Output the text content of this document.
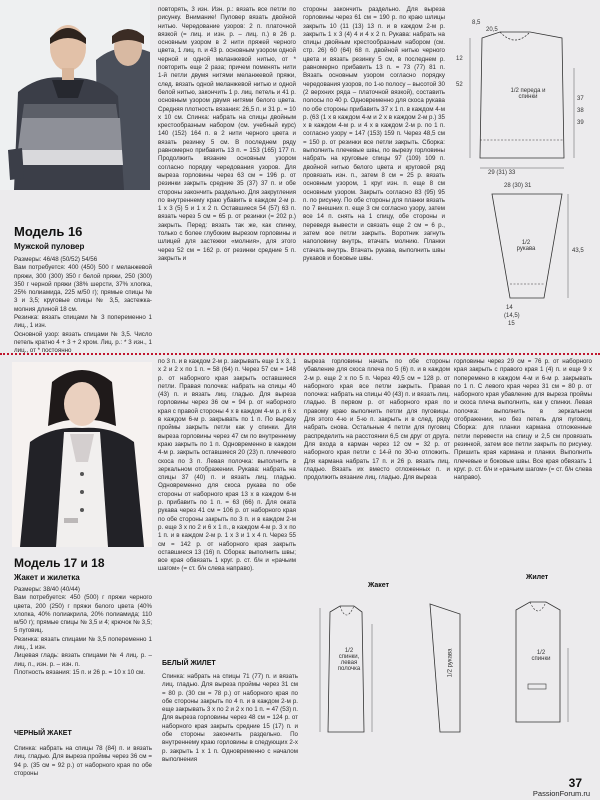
Модель 16
Мужской пуловер

Размеры: 46/48 (50/52) 54/56

Вам потребуется: 400 (450) 500 г меланжевой пряжи, 300 (300) 350 г белой пряжи, 250 (300) 350 г черной пряжи (38% шерсти, 37% хлопка, 25% полиамида, 225 м/50 г); прямые спицы № 3 и 3,5; круговые спицы № 3,5, застежка-молния длиной 18 см.

Резинка: вязать спицами № 3 попеременно 1 лиц., 1 изн.

Основной узор: вязать спицами № 3,5. Число петель кратно 4 + 3 + 2 кром. Лиц. р.: * 3 изн., 1 лиц., от * постоянно

повторять, 3 изн. Изн. р.: вязать все петли по рисунку. Внимание! Пуловер вязать двойной нитью. Чередование узоров: 2 п. платочной вязкой (= лиц. и изн. р. – лиц. п.) в 26 р. основным узором в 2 нити пряжей черного цвета, 1 лиц. п. и 43 р. основным узором одной черной и одной меланжевой нитью, от * повторить еще 2 раза; причем поменять нити 1-й петли двумя нитями меланжевой пряжи, след. вязать одной меланжевой нитью и одной белой нитью, закончить 1 р. лиц. петель и 41 р. основным узором двумя нитями белого цвета. Средняя плотность вязания: 26,5 п. и 31 р. = 10 х 10 см. Спинка: набрать на спицы двойным крестообразным набором (см. учебный курс) 140 (152) 164 п. в 2 нити черного цвета и вязать резинку 5 см. В последнем ряду равномерно прибавить 13 п. = 153 (165) 177 п. Продолжить вязание основным узором согласно порядку чередования узоров. Для выреза горловины через 63 см = 196 р. от резинки закрыть средние 35 (37) 37 п. и обе стороны закончить раздельно. Для закругления по внутреннему краю убавить в каждом 2-м р. 1 х 3 (5) 5 и 1 х 2 п. Оставшиеся 54 (57) 63 п. вязать через 5 см = 65 р. от резинки (= 202 р.) закрыть. Перед: вязать так же, как спинку, только с более глубоким вырезом горловины и шлицей для застежки «молния», для этого через 52 см = 162 р. от резинки средние 5 п. закрыть и
стороны закончить раздельно. Для выреза горловины через 61 см = 190 р. по краю шлицы закрыть 10 (11 (13) 13 п. и в каждом 2-м р. закрыть 1 х 3 (4) 4 и 4 х 2 п. Рукава: набрать на спицы двойным крестообразным набором (см. стр. 26) 60 (64) 68 п. двойной нитью черного цвета и вязать резинку 5 см, в последнем р. равномерно прибавить 13 п. = 73 (77) 81 п. Вязать основным узором согласно порядку чередования узоров, по 1-ю полосу – высотой 30 (2 верхних ряда – платочной вязкой), составить полосы по 40 р. Одновременно для скоса рукава по обе стороны прибавить 37 х 1 п. в каждом 4-м р. (63 (1 х в каждом 4-м и 2 х в каждом 2-м р.) 35 х в каждом 4-м р. и 4 х в каждом 2-м р. по 1 п. согласно узору = 147 (153) 159 п. Через 48,5 см = 150 р. от резинки все петли закрыть. Сборка: выполнить плечевые швы, по вырезу горловины набрать на круговые спицы 97 (109) 109 п. двойной нитью белого цвета и круговой ряд провязать изн. п., затем 8 см = 25 р. вязать основным узором, 1 круг изн. п. еще 8 см основным узором. Закрыть согласно 83 (95) 95 п. по рисунку. По обе стороны для планки вязать по 7 внешних п. еще 3 см согласно узору, затем все 14 п. снять на 1 спицу, обе стороны и переведя вывести и связать еще 2 см = 6 р., затем все петли закрыть. Воротник загнуть наполовину внутрь, втачать молнию. Планки стачать внутрь. Втачать рукава, выполнить швы рукавов и боковые швы.
8,5
20,5
12
52
37
38
39
29 (31) 33
1/2 переда и спинки
28 (30) 31
43,5
1/2 рукава
14
(14,5)
15
Модель 17 и 18
Жакет и жилетка

Размеры: 38/40 (40/44)

Вам потребуется: 450 (500) г пряжи черного цвета, 200 (250) г пряжи белого цвета (40% хлопка, 40% полиакрила, 20% полиамида; 110 м/50 г); прямые спицы № 3,5 и 4; крючок № 3,5; 5 пуговиц.

Резинка: вязать спицами № 3,5 попеременно 1 лиц., 1 изн.

Лицевая гладь: вязать спицами № 4 лиц. р. – лиц. п., изн. р. – изн. п.

Плотность вязания: 15 п. и 26 р. = 10 х 10 см.

ЧЕРНЫЙ ЖАКЕТ
Спинка: набрать на спицы 78 (84) п. и вязать лиц. гладью. Для выреза проймы через 36 см = 94 р. (35 см = 92 р.) от наборного края по обе стороны
по 3 п. и в каждом 2-м р. закрывать еще 1 х 3, 1 х 2 и 2 х по 1 п. = 58 (64) п. Через 57 см = 148 р. от наборного края закрыть оставшиеся петли. Правая полочка: набрать на спицы 40 (43) п. и вязать лиц. гладью. Для выреза горловины через 36 см = 94 р. от наборного края с правой стороны 4 х в каждом 4-м р. и 6 х в каждом 6-м р. закрывать по 1 п. По вырезу проймы закрыть петли как у спинки. Для выреза горловины через 47 см по внутреннему краю закрыть по 1 п. Одновременно в каждом 4-м р. закрыть оставшиеся 20 (23) п. плечевого скоса по 3 п. Левая полочка: выполнить в зеркальном отображении. Рукава: набрать на спицы 37 (40) п. и вязать лиц. гладью. Одновременно для скоса рукава по обе стороны от наборного края 13 х в каждом 6-м р. прибавить по 1 п. = 63 (66) п. Для оката рукава через 41 см = 106 р. от наборного края по обе стороны закрыть по 3 п. и в каждом 2-м р. еще 3 х по 2 и 6 х 1 п., в каждом 4-м р. 3 х по 1 п. и в каждом 2-м р. 1 х 3 и 1 х 4 п. Через 55 см = 142 р. от наборного края закрыть оставшиеся 13 (16) п. Сборка: выполнить швы; все края обвязать 1 круг. р. ст. б/н и «рачьим шагом» (= ст. б/н слева направо).
БЕЛЫЙ ЖИЛЕТ
Спинка: набрать на спицы 71 (77) п. и вязать лиц. гладью. Для выреза проймы через 31 см = 80 р. (30 см = 78 р.) от наборного края по обе стороны закрыть по 4 п. и в каждом 2-м р. еще закрывать 3 х по 2 и 2 х по 1 п. = 47 (53) п. Для выреза горловины через 48 см = 124 р. от наборного края закрыть средние 15 (17) п. и обе стороны закончить раздельно. По внутреннему краю горловины в следующих 2-х р. закрыть 1 х 1 п. Одновременно с началом выполнения
выреза горловины начать по обе стороны убавление для скоса плеча по 5 (6) п. и в каждом 2-м р. еще 2 х по 5 п. Через 49,5 см = 128 р. от наборного края все петли закрыть. Правая полочка: набрать на спицы 40 (43) п. и вязать лиц. гладью. В первом р. от наборного края по правому краю выполнить петли для пуговицы. Для этого 4-ю и 5-ю п. закрыть и в след. ряду набрать снова. Остальные 4 петли для пуговиц распределить на расстоянии 6,5 см друг от друга. Для входа в карман через 12 см = 32 р. от наборного края петли с 14-й по 30-ю отложить. Для кармана набрать 17 п. и 26 р. вязать лиц. гладью. Вязать их вместо отложенных п. и продолжить вязание лиц. гладью. Для выреза
горловины через 29 см = 76 р. от наборного края закрыть с правого края 1 (4) п. и еще 9 х поперемено в каждом 4-м и 6-м р. закрывать по 1 п. С левого края через 31 см = 80 р. от наборного края убавление для выреза проймы и скоса плеча выполнить, как у спинки. Левая полочка: выполнить в зеркальном отображении, но без петель для пуговиц. Сборка: для планки кармана отложенные петли перевести на спицу и 2,5 см провязать резинкой, затем все петли закрыть по рисунку. Пришить края кармана и планки. Выполнить плечевые и боковые швы. Все края обвязать 1 круг. р. ст. б/н и «рачьим шагом» (= ст. б/н слева направо).
Жакет
1/2 спинки, левая полочка	1/2 рукава
Жилет
1/2 спинки
37
PassionForum.ru
